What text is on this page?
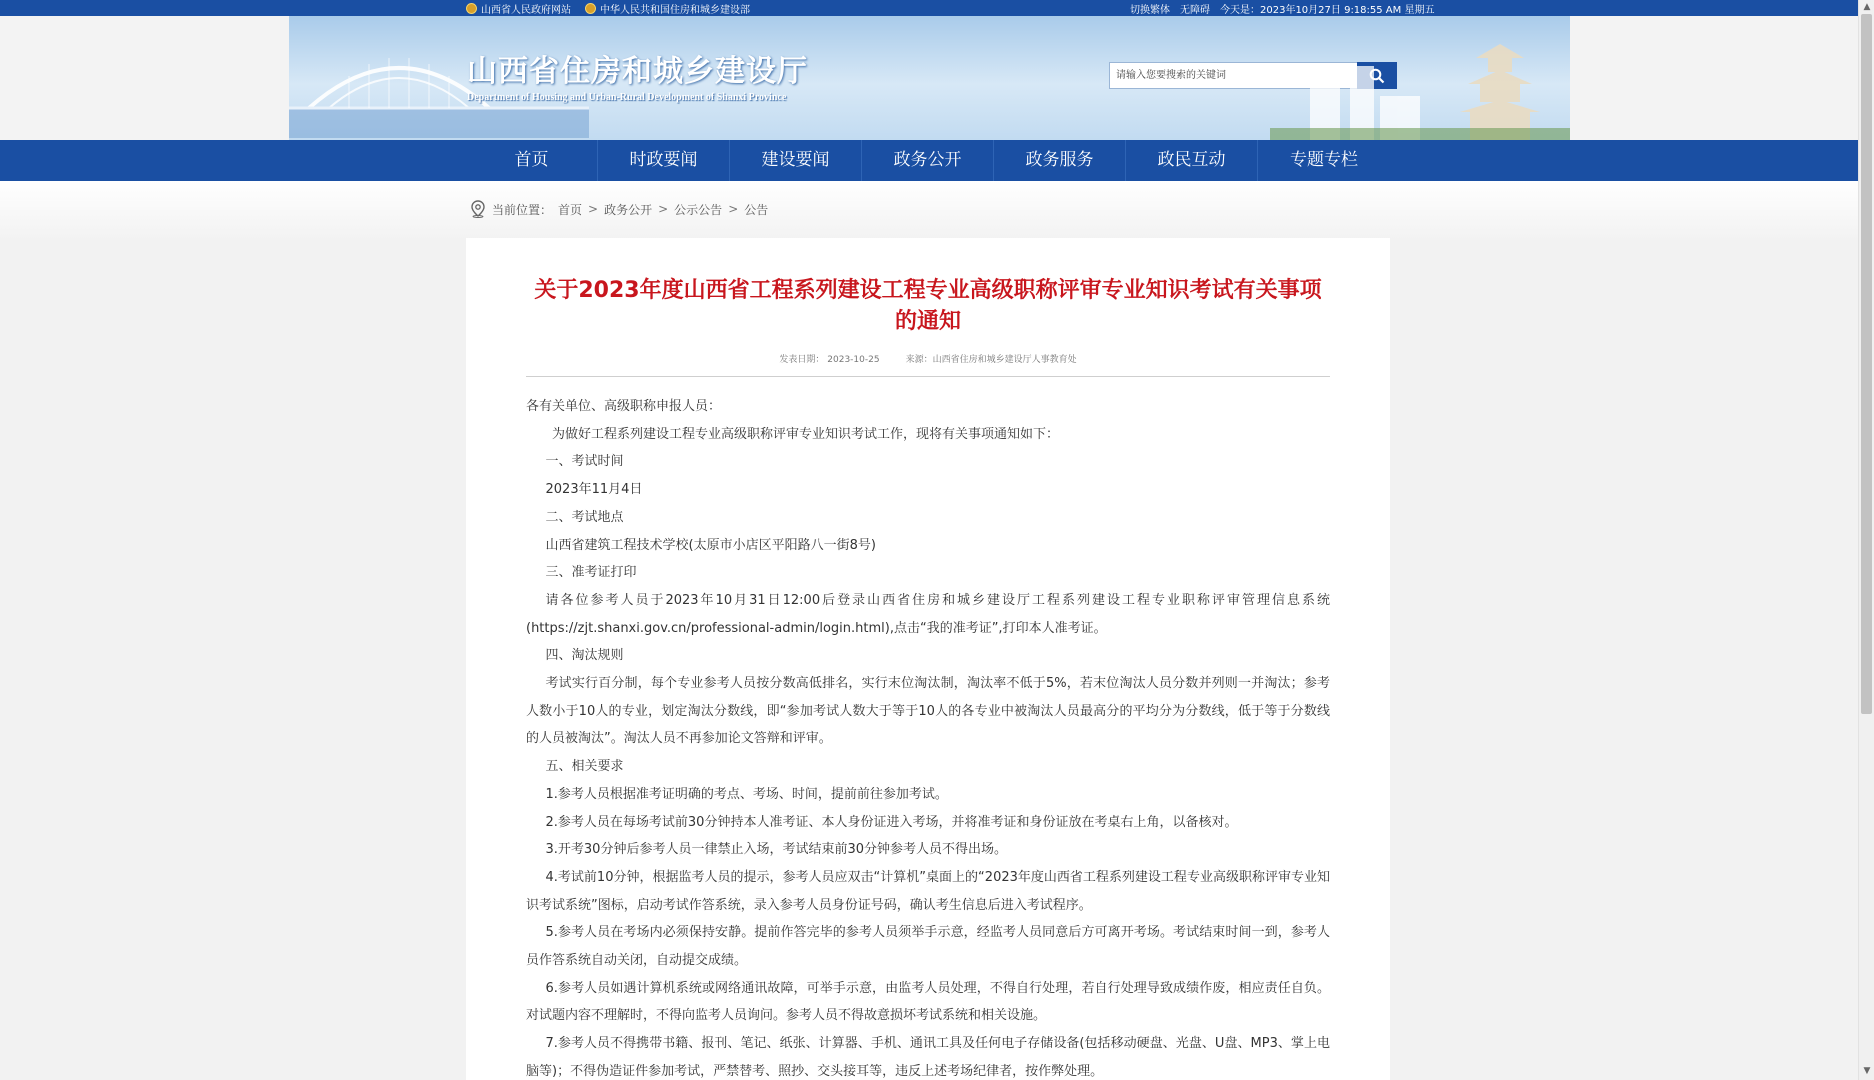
山西省人民政府网站	中华人民共和国住房和城乡建设部	切换繁体 无障碍 今天是：2023年10月27日 9:18:55 AM 星期五
山西省住房和城乡建设厅
Department of Housing and Urban-Rural Development of Shanxi Province
请输入您要搜索的关键词
首页	时政要闻	建设要闻	政务公开	政务服务	政民互动	专题专栏
当前位置： 首页 > 政务公开 > 公示公告 > 公告
关于2023年度山西省工程系列建设工程专业高级职称评审专业知识考试有关事项的通知
发表日期： 2023-10-25	来源：山西省住房和城乡建设厅人事教育处

各有关单位、高级职称申报人员：

为做好工程系列建设工程专业高级职称评审专业知识考试工作，现将有关事项通知如下：

一、考试时间

2023年11月4日

二、考试地点

山西省建筑工程技术学校(太原市小店区平阳路八一街8号)

三、准考证打印

请各位参考人员于2023年10月31日12:00后登录山西省住房和城乡建设厅工程系列建设工程专业职称评审管理信息系统(https://zjt.shanxi.gov.cn/professional-admin/login.html),点击“我的准考证”,打印本人准考证。

四、淘汰规则

考试实行百分制，每个专业参考人员按分数高低排名，实行末位淘汰制，淘汰率不低于5%，若末位淘汰人员分数并列则一并淘汰；参考人数小于10人的专业，划定淘汰分数线，即“参加考试人数大于等于10人的各专业中被淘汰人员最高分的平均分为分数线，低于等于分数线的人员被淘汰”。淘汰人员不再参加论文答辩和评审。

五、相关要求

1.参考人员根据准考证明确的考点、考场、时间，提前前往参加考试。

2.参考人员在每场考试前30分钟持本人准考证、本人身份证进入考场，并将准考证和身份证放在考桌右上角，以备核对。

3.开考30分钟后参考人员一律禁止入场，考试结束前30分钟参考人员不得出场。

4.考试前10分钟，根据监考人员的提示，参考人员应双击“计算机”桌面上的“2023年度山西省工程系列建设工程专业高级职称评审专业知识考试系统”图标，启动考试作答系统，录入参考人员身份证号码，确认考生信息后进入考试程序。

5.参考人员在考场内必须保持安静。提前作答完毕的参考人员须举手示意，经监考人员同意后方可离开考场。考试结束时间一到，参考人员作答系统自动关闭，自动提交成绩。

6.参考人员如遇计算机系统或网络通讯故障，可举手示意，由监考人员处理，不得自行处理，若自行处理导致成绩作废，相应责任自负。对试题内容不理解时，不得向监考人员询问。参考人员不得故意损坏考试系统和相关设施。

7.参考人员不得携带书籍、报刊、笔记、纸张、计算器、手机、通讯工具及任何电子存储设备(包括移动硬盘、光盘、U盘、MP3、掌上电脑等)；不得伪造证件参加考试，严禁替考、照抄、交头接耳等，违反上述考场纪律者，按作弊处理。

▲
▼
